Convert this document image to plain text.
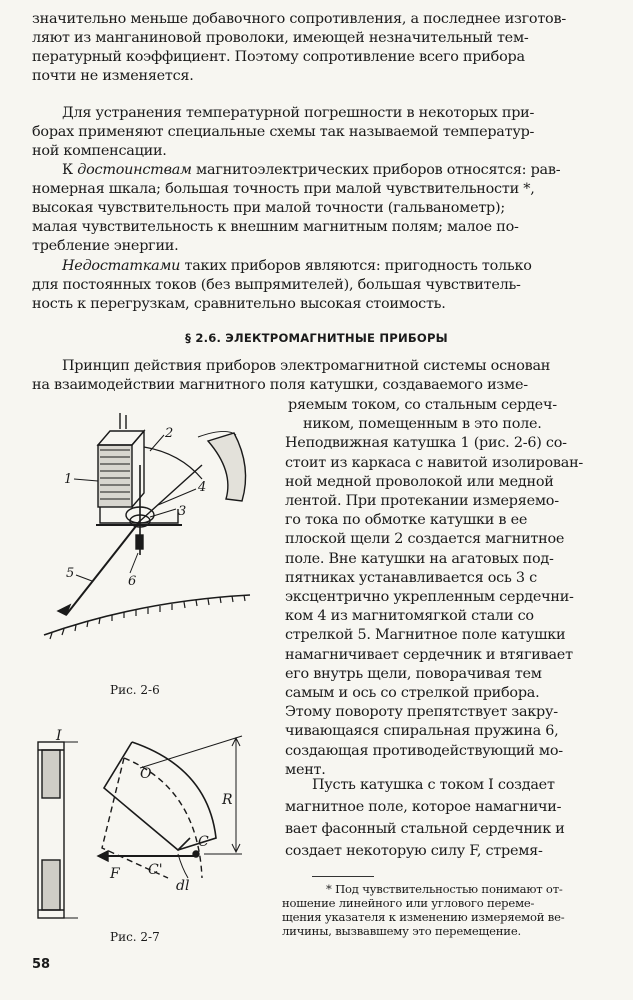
значительно меньше добавочного сопротивления, а последнее изготов-

ляют из манганиновой проволоки, имеющей незначительный тем-

пературный коэффициент. Поэтому сопротивление всего прибора

почти не изменяется.

Для устранения температурной погрешности в некоторых при-

борах применяют специальные схемы так называемой температур-

ной компенсации.

К достоинствам магнитоэлектрических приборов относятся: рав-

номерная шкала; большая точность при малой чувствительности *,

высокая чувствительность при малой точности (гальванометр);

малая чувствительность к внешним магнитным полям; малое по-

требление энергии.

Недостатками таких приборов являются: пригодность только

для постоянных токов (без выпрямителей), большая чувствитель-

ность к перегрузкам, сравнительно высокая стоимость.

§ 2.6. ЭЛЕКТРОМАГНИТНЫЕ ПРИБОРЫ

Принцип действия приборов электромагнитной системы основан

на взаимодействии магнитного поля катушки, создаваемого изме-

ряемым током, со стальным сердеч-

ником, помещенным в это поле.

Неподвижная катушка 1 (рис. 2-6) со-

стоит из каркаса с навитой изолирован-

ной медной проволокой или медной

лентой. При протекании измеряемо-

го тока по обмотке катушки в ее

плоской щели 2 создается магнитное

поле. Вне катушки на агатовых под-

пятниках устанавливается ось 3 с

эксцентрично укрепленным сердечни-

ком 4 из магнитомягкой стали со

стрелкой 5. Магнитное поле катушки

намагничивает сердечник и втягивает

его внутрь щели, поворачивая тем

самым и ось со стрелкой прибора.

Этому повороту препятствует закру-

чивающаяся спиральная пружина 6,

создающая противодействующий мо-

мент.

Пусть катушка с током I создает

магнитное поле, которое намагничи-

вает фасонный стальной сердечник и

создает некоторую силу F, стремя-

* Под чувствительностью понимают от-

ношение линейного или углового переме-

щения указателя к изменению измеряемой ве-

личины, вызвавшему это перемещение.

1
2
3
4
5
6
Рис. 2-6
I
O
R
C
F C'
dl
Рис. 2-7
58
